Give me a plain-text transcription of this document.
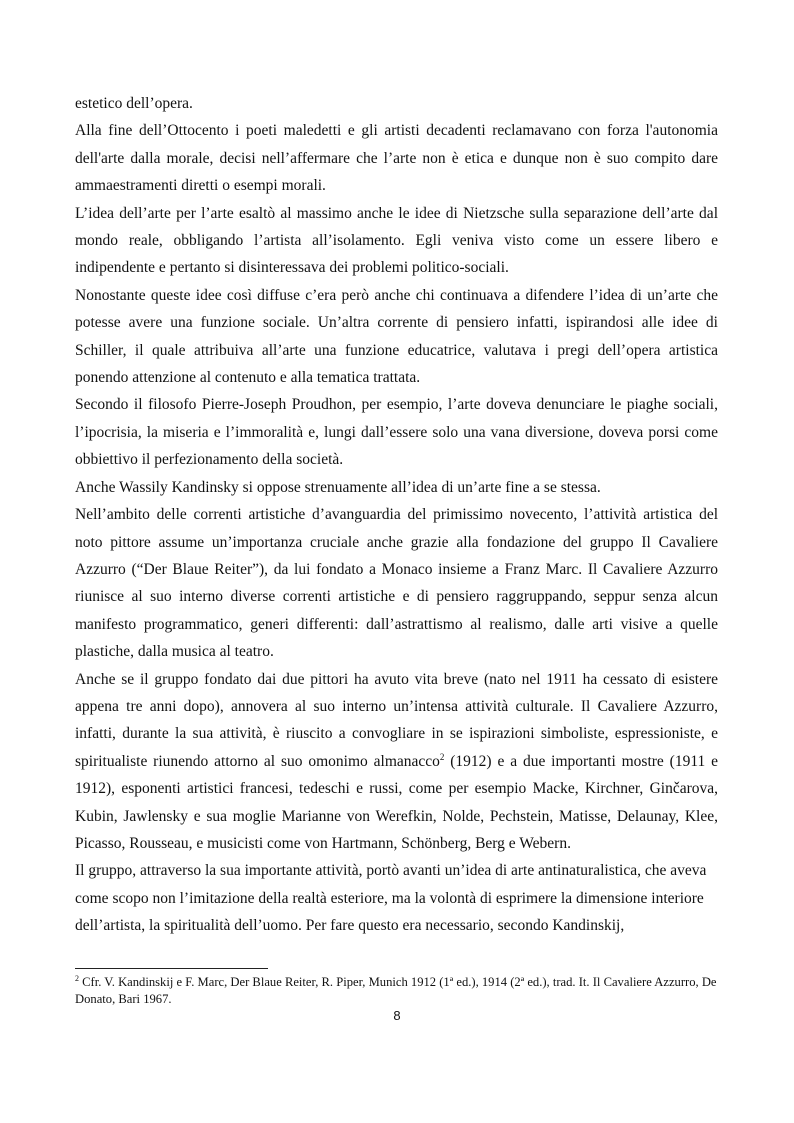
estetico dell’opera.

Alla fine dell’Ottocento i poeti maledetti e gli artisti decadenti reclamavano con forza l'autonomia dell'arte dalla morale, decisi nell’affermare che l’arte non è etica e dunque non è suo compito dare ammaestramenti diretti o esempi morali.

L’idea dell’arte per l’arte esaltò al massimo anche le idee di Nietzsche sulla separazione dell’arte dal mondo reale, obbligando l’artista all’isolamento. Egli veniva visto come un essere libero e indipendente e pertanto si disinteressava dei problemi politico-sociali.

Nonostante queste idee così diffuse c’era però anche chi continuava a difendere l’idea di un’arte che potesse avere una funzione sociale. Un’altra corrente di pensiero infatti, ispirandosi alle idee di Schiller, il quale attribuiva all’arte una funzione educatrice, valutava i pregi dell’opera artistica ponendo attenzione al contenuto e alla tematica trattata.

Secondo il filosofo Pierre-Joseph Proudhon, per esempio, l’arte doveva denunciare le piaghe sociali, l’ipocrisia, la miseria e l’immoralità e, lungi dall’essere solo una vana diversione, doveva porsi come obbiettivo il perfezionamento della società.

Anche Wassily Kandinsky si oppose strenuamente all’idea di un’arte fine a se stessa.

Nell’ambito delle correnti artistiche d’avanguardia del primissimo novecento, l’attività artistica del noto pittore assume un’importanza cruciale anche grazie alla fondazione del gruppo Il Cavaliere Azzurro (“Der Blaue Reiter”), da lui fondato a Monaco insieme a Franz Marc. Il Cavaliere Azzurro riunisce al suo interno diverse correnti artistiche e di pensiero raggruppando, seppur senza alcun manifesto programmatico, generi differenti: dall’astrattismo al realismo, dalle arti visive a quelle plastiche, dalla musica al teatro.

Anche se il gruppo fondato dai due pittori ha avuto vita breve (nato nel 1911 ha cessato di esistere appena tre anni dopo), annovera al suo interno un’intensa attività culturale. Il Cavaliere Azzurro, infatti, durante la sua attività, è riuscito a convogliare in se ispirazioni simboliste, espressioniste, e spiritualiste riunendo attorno al suo omonimo almanacco$^2$ (1912) e a due importanti mostre (1911 e 1912), esponenti artistici francesi, tedeschi e russi, come per esempio Macke, Kirchner, Ginčarova, Kubin, Jawlensky e sua moglie Marianne von Werefkin, Nolde, Pechstein, Matisse, Delaunay, Klee, Picasso, Rousseau, e musicisti come von Hartmann, Schönberg, Berg e Webern.

Il gruppo, attraverso la sua importante attività, portò avanti un’idea di arte antinaturalistica, che aveva come scopo non l’imitazione della realtà esteriore, ma la volontà di esprimere la dimensione interiore dell’artista, la spiritualità dell’uomo. Per fare questo era necessario, secondo Kandinskij,

$^2$ Cfr. V. Kandinskij e F. Marc, Der Blaue Reiter, R. Piper, Munich 1912 (1ª ed.), 1914 (2ª ed.), trad. It. Il Cavaliere Azzurro, De Donato, Bari 1967.

8
